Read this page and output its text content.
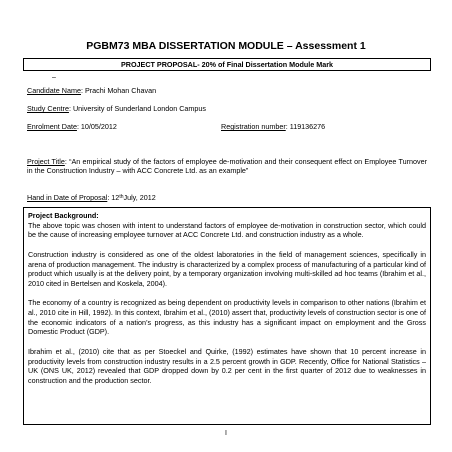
PGBM73 MBA DISSERTATION MODULE – Assessment 1
PROJECT PROPOSAL- 20% of Final Dissertation Module Mark
–
Candidate Name: Prachi Mohan Chavan
Study Centre: University of Sunderland London Campus
Enrolment Date: 10/05/2012	Registration number: 119136276
Project Title: “An empirical study of the factors of employee de-motivation and their consequent effect on Employee Turnover in the Construction Industry – with ACC Concrete Ltd. as an example”
Hand in Date of Proposal: 12thJuly, 2012
Project Background:

The above topic was chosen with intent to understand factors of employee de-motivation in construction sector, which could be the cause of increasing employee turnover at ACC Concrete Ltd. and construction industry as a whole.

Construction industry is considered as one of the oldest laboratories in the field of management sciences, specifically in arena of production management. The industry is characterized by a complex process of manufacturing of a particular kind of product which usually is at the delivery point, by a temporary organization involving multi-skilled ad hoc teams (Ibrahim et al., 2010 cited in Bertelsen and Koskela, 2004).

The economy of a country is recognized as being dependent on productivity levels in comparison to other nations (Ibrahim et al., 2010 cite in Hill, 1992). In this context, Ibrahim et al., (2010) assert that, productivity levels of construction sector is one of the economic indicators of a nation’s progress, as this industry has a significant impact on employment and the Gross Domestic Product (GDP).

Ibrahim et al., (2010) cite that as per Stoeckel and Quirke, (1992) estimates have shown that 10 percent increase in productivity levels from construction industry results in a 2.5 percent growth in GDP. Recently, Office for National Statistics – UK (ONS UK, 2012) revealed that GDP dropped down by 0.2 per cent in the first quarter of 2012 due to weaknesses in construction and the production sector.

I
